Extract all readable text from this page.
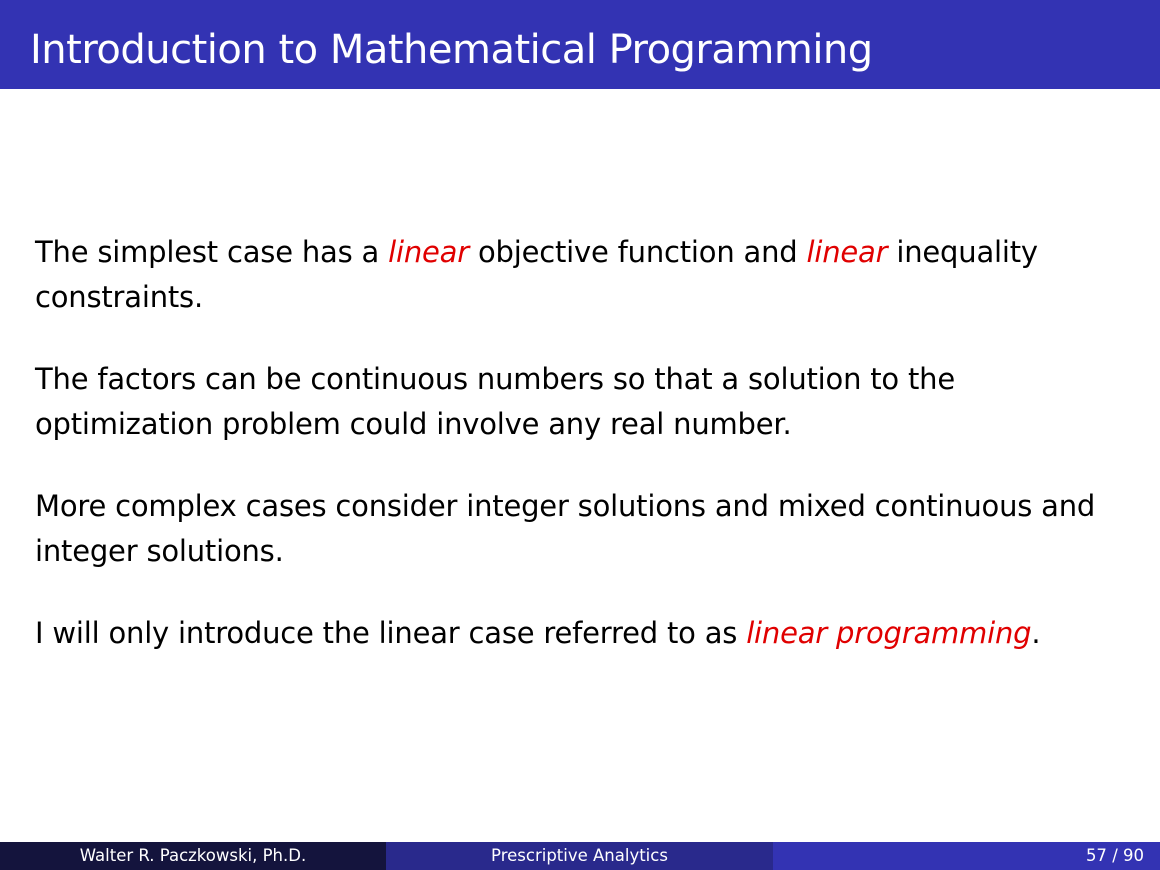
Introduction to Mathematical Programming

The simplest case has a linear objective function and linear inequality constraints.

The factors can be continuous numbers so that a solution to the optimization problem could involve any real number.

More complex cases consider integer solutions and mixed continuous and integer solutions.

I will only introduce the linear case referred to as linear programming.

Walter R. Paczkowski, Ph.D.	Prescriptive Analytics	57 / 90
